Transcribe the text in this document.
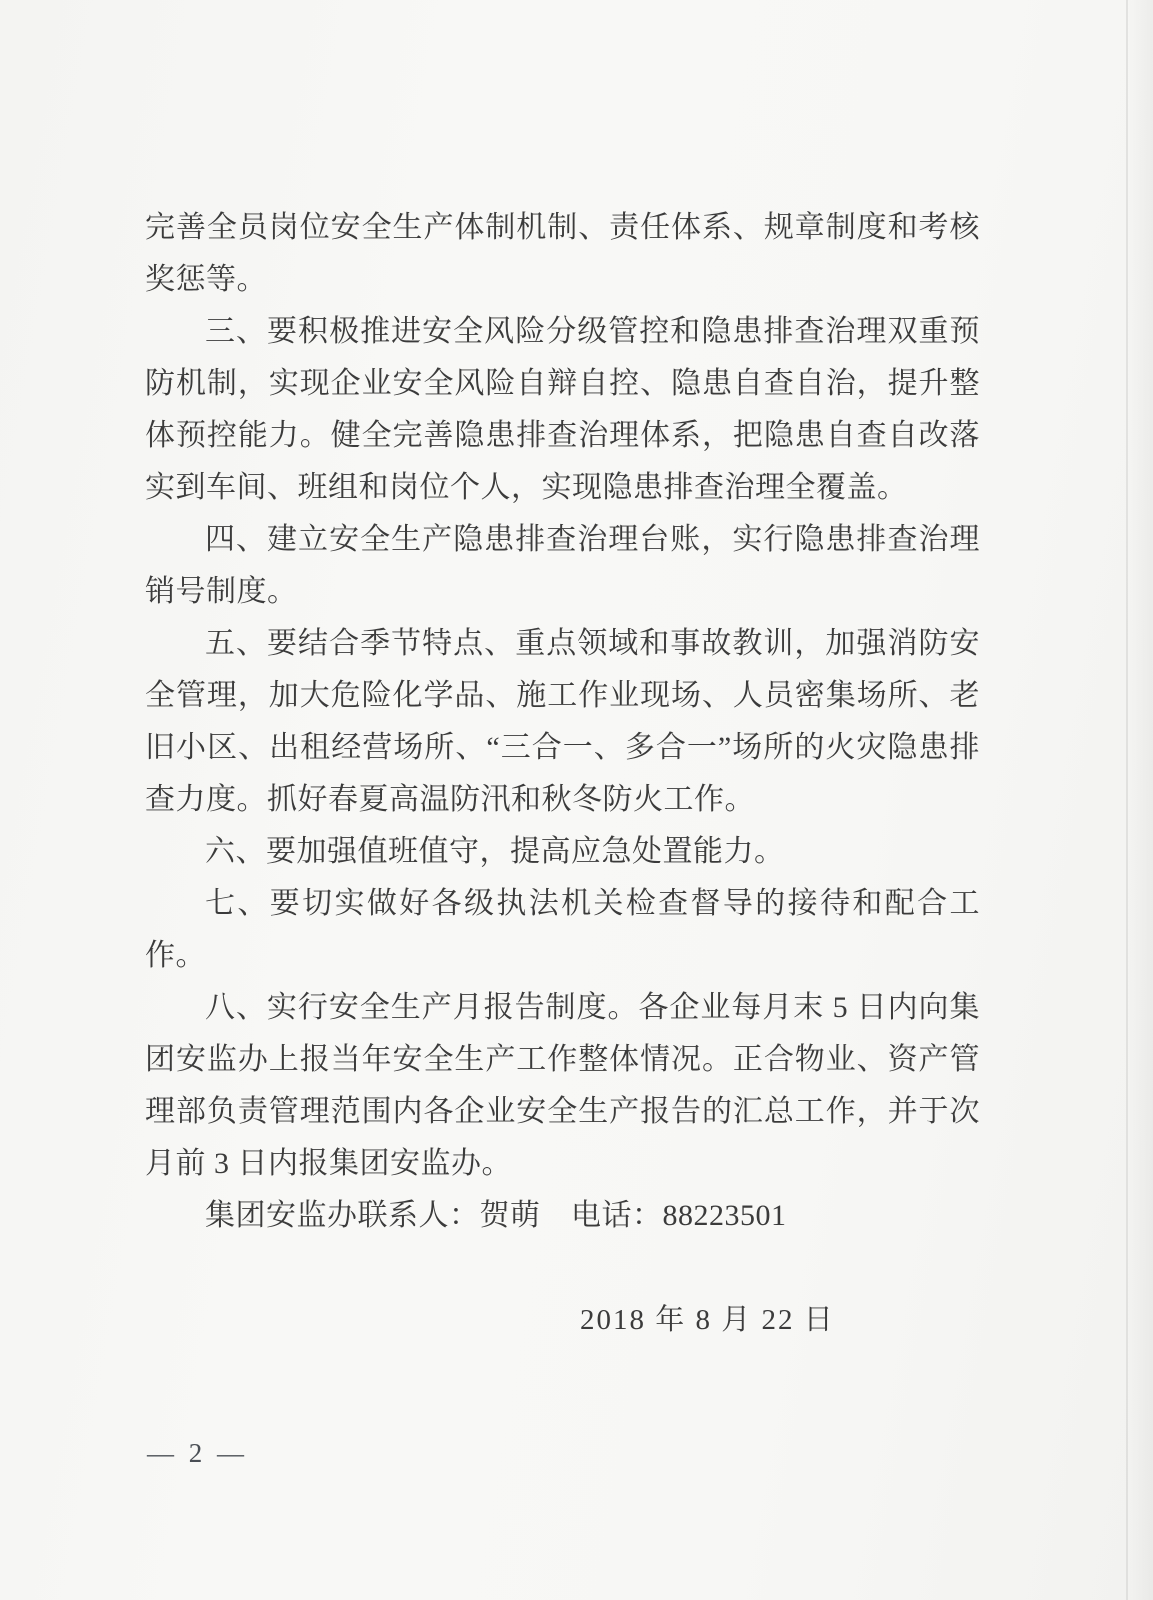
完善全员岗位安全生产体制机制、责任体系、规章制度和考核奖惩等。

三、要积极推进安全风险分级管控和隐患排查治理双重预防机制，实现企业安全风险自辩自控、隐患自查自治，提升整体预控能力。健全完善隐患排查治理体系，把隐患自查自改落实到车间、班组和岗位个人，实现隐患排查治理全覆盖。

四、建立安全生产隐患排查治理台账，实行隐患排查治理销号制度。

五、要结合季节特点、重点领域和事故教训，加强消防安全管理，加大危险化学品、施工作业现场、人员密集场所、老旧小区、出租经营场所、“三合一、多合一”场所的火灾隐患排查力度。抓好春夏高温防汛和秋冬防火工作。

六、要加强值班值守，提高应急处置能力。

七、要切实做好各级执法机关检查督导的接待和配合工作。

八、实行安全生产月报告制度。各企业每月末 5 日内向集团安监办上报当年安全生产工作整体情况。正合物业、资产管理部负责管理范围内各企业安全生产报告的汇总工作，并于次月前 3 日内报集团安监办。

集团安监办联系人：贺萌　电话：88223501

2018 年 8 月 22 日

— 2 —
